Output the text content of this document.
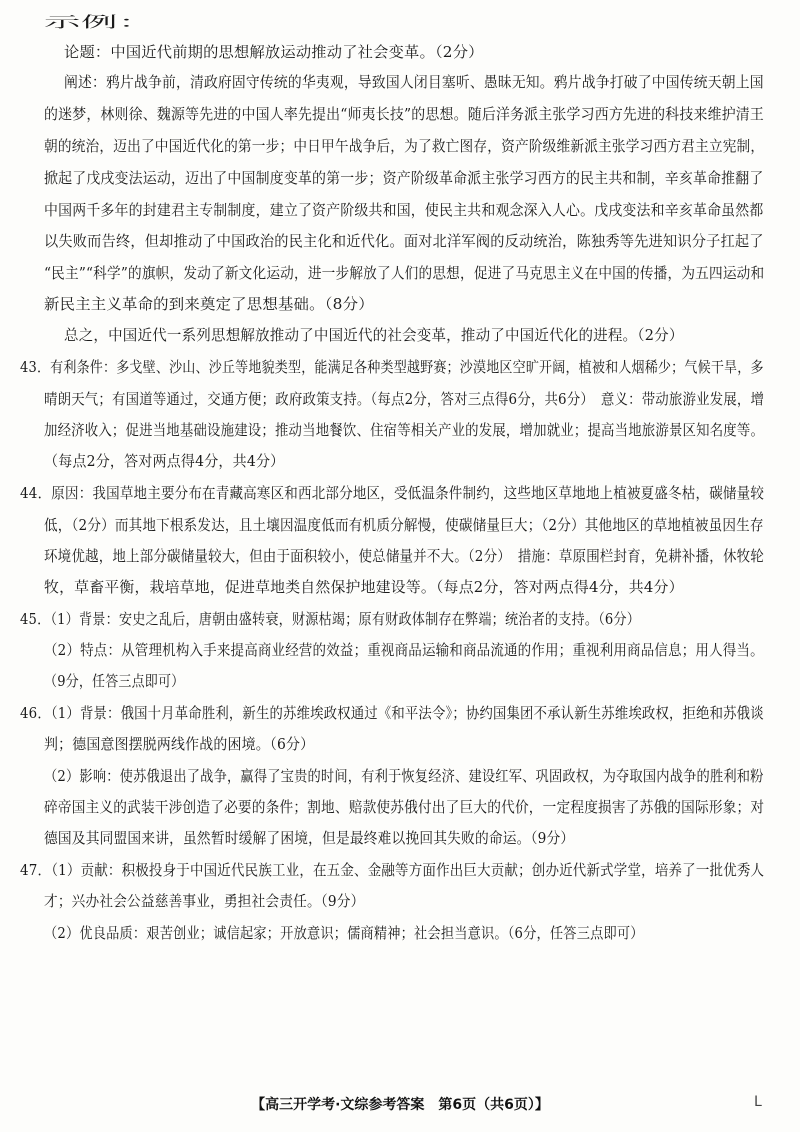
示例：
论题：中国近代前期的思想解放运动推动了社会变革。（2分）
阐述：鸦片战争前，清政府固守传统的华夷观，导致国人闭目塞听、愚昧无知。鸦片战争打破了中国传统天朝上国
的迷梦，林则徐、魏源等先进的中国人率先提出“师夷长技”的思想。随后洋务派主张学习西方先进的科技来维护清王
朝的统治，迈出了中国近代化的第一步；中日甲午战争后，为了救亡图存，资产阶级维新派主张学习西方君主立宪制，
掀起了戊戌变法运动，迈出了中国制度变革的第一步；资产阶级革命派主张学习西方的民主共和制，辛亥革命推翻了
中国两千多年的封建君主专制制度，建立了资产阶级共和国，使民主共和观念深入人心。戊戌变法和辛亥革命虽然都
以失败而告终，但却推动了中国政治的民主化和近代化。面对北洋军阀的反动统治，陈独秀等先进知识分子扛起了
“民主”“科学”的旗帜，发动了新文化运动，进一步解放了人们的思想，促进了马克思主义在中国的传播，为五四运动和
新民主主义革命的到来奠定了思想基础。（8分）
总之，中国近代一系列思想解放推动了中国近代的社会变革，推动了中国近代化的进程。（2分）
43．有利条件：多戈壁、沙山、沙丘等地貌类型，能满足各种类型越野赛；沙漠地区空旷开阔，植被和人烟稀少；气候干旱，多
晴朗天气；有国道等通过，交通方便；政府政策支持。（每点2分，答对三点得6分，共6分）　意义：带动旅游业发展，增
加经济收入；促进当地基础设施建设；推动当地餐饮、住宿等相关产业的发展，增加就业；提高当地旅游景区知名度等。
（每点2分，答对两点得4分，共4分）
44．原因：我国草地主要分布在青藏高寒区和西北部分地区，受低温条件制约，这些地区草地地上植被夏盛冬枯，碳储量较
低，（2分）而其地下根系发达，且土壤因温度低而有机质分解慢，使碳储量巨大；（2分）其他地区的草地植被虽因生存
环境优越，地上部分碳储量较大，但由于面积较小，使总储量并不大。（2分）　措施：草原围栏封育，免耕补播，休牧轮
牧，草畜平衡，栽培草地，促进草地类自然保护地建设等。（每点2分，答对两点得4分，共4分）
45．（1）背景：安史之乱后，唐朝由盛转衰，财源枯竭；原有财政体制存在弊端；统治者的支持。（6分）
（2）特点：从管理机构入手来提高商业经营的效益；重视商品运输和商品流通的作用；重视利用商品信息；用人得当。
（9分，任答三点即可）
46．（1）背景：俄国十月革命胜利，新生的苏维埃政权通过《和平法令》；协约国集团不承认新生苏维埃政权，拒绝和苏俄谈
判；德国意图摆脱两线作战的困境。（6分）
（2）影响：使苏俄退出了战争，赢得了宝贵的时间，有利于恢复经济、建设红军、巩固政权，为夺取国内战争的胜利和粉
碎帝国主义的武装干涉创造了必要的条件；割地、赔款使苏俄付出了巨大的代价，一定程度损害了苏俄的国际形象；对
德国及其同盟国来讲，虽然暂时缓解了困境，但是最终难以挽回其失败的命运。（9分）
47．（1）贡献：积极投身于中国近代民族工业，在五金、金融等方面作出巨大贡献；创办近代新式学堂，培养了一批优秀人
才；兴办社会公益慈善事业，勇担社会责任。（9分）
（2）优良品质：艰苦创业；诚信起家；开放意识；儒商精神；社会担当意识。（6分，任答三点即可）
【高三开学考·文综参考答案　第6页（共6页）】	L
